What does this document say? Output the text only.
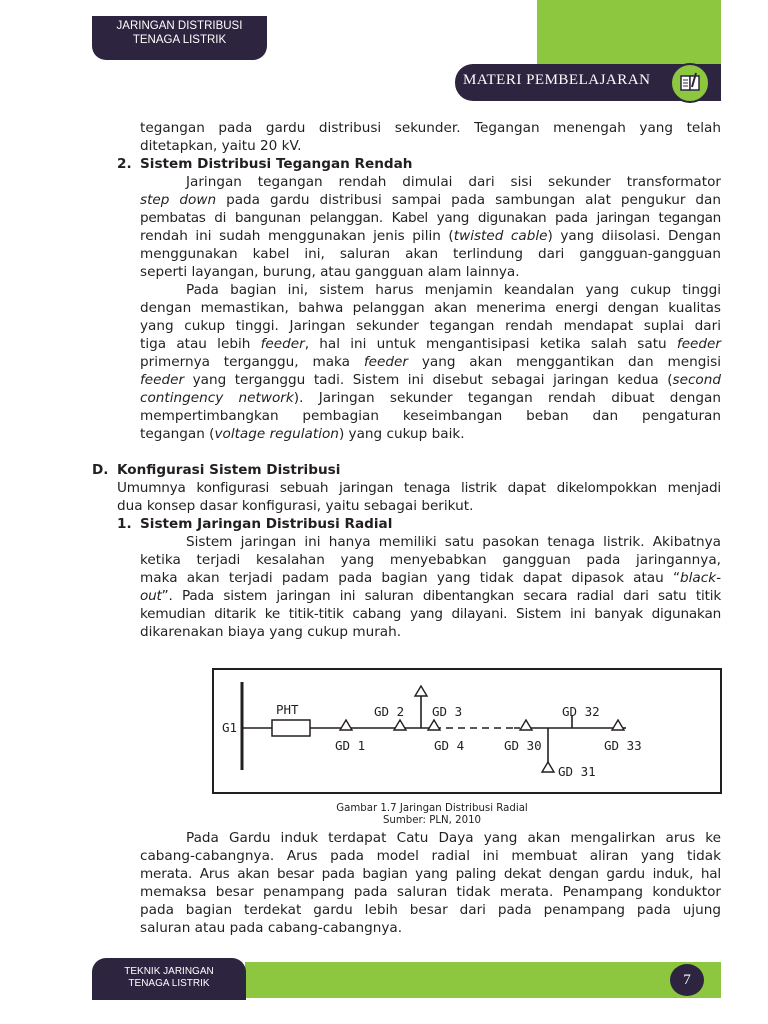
JARINGAN DISTRIBUSI
TENAGA LISTRIK
MATERI PEMBELAJARAN

tegangan pada gardu distribusi sekunder. Tegangan menengah yang telah

ditetapkan, yaitu 20 kV.

2. Sistem Distribusi Tegangan Rendah

Jaringan tegangan rendah dimulai dari sisi sekunder transformator

step down pada gardu distribusi sampai pada sambungan alat pengukur dan

pembatas di bangunan pelanggan. Kabel yang digunakan pada jaringan tegangan

rendah ini sudah menggunakan jenis pilin (twisted cable) yang diisolasi. Dengan

menggunakan kabel ini, saluran akan terlindung dari gangguan-gangguan

seperti layangan, burung, atau gangguan alam lainnya.

Pada bagian ini, sistem harus menjamin keandalan yang cukup tinggi

dengan memastikan, bahwa pelanggan akan menerima energi dengan kualitas

yang cukup tinggi. Jaringan sekunder tegangan rendah mendapat suplai dari

tiga atau lebih feeder, hal ini untuk mengantisipasi ketika salah satu feeder

primernya terganggu, maka feeder yang akan menggantikan dan mengisi

feeder yang terganggu tadi. Sistem ini disebut sebagai jaringan kedua (second

contingency network). Jaringan sekunder tegangan rendah dibuat dengan

mempertimbangkan pembagian keseimbangan beban dan pengaturan

tegangan (voltage regulation) yang cukup baik.

D. Konfigurasi Sistem Distribusi

Umumnya konfigurasi sebuah jaringan tenaga listrik dapat dikelompokkan menjadi

dua konsep dasar konfigurasi, yaitu sebagai berikut.

1. Sistem Jaringan Distribusi Radial

Sistem jaringan ini hanya memiliki satu pasokan tenaga listrik. Akibatnya

ketika terjadi kesalahan yang menyebabkan gangguan pada jaringannya,

maka akan terjadi padam pada bagian yang tidak dapat dipasok atau “black-

out”. Pada sistem jaringan ini saluran dibentangkan secara radial dari satu titik

kemudian ditarik ke titik-titik cabang yang dilayani. Sistem ini banyak digunakan

dikarenakan biaya yang cukup murah.

G1
PHT
GD 1
GD 2 GD 3
GD 4	GD 30
GD 31
GD 32
GD 33
Gambar 1.7 Jaringan Distribusi Radial
Sumber: PLN, 2010

Pada Gardu induk terdapat Catu Daya yang akan mengalirkan arus ke

cabang-cabangnya. Arus pada model radial ini membuat aliran yang tidak

merata. Arus akan besar pada bagian yang paling dekat dengan gardu induk, hal

memaksa besar penampang pada saluran tidak merata. Penampang konduktor

pada bagian terdekat gardu lebih besar dari pada penampang pada ujung

saluran atau pada cabang-cabangnya.

TEKNIK JARINGAN
TENAGA LISTRIK	7
